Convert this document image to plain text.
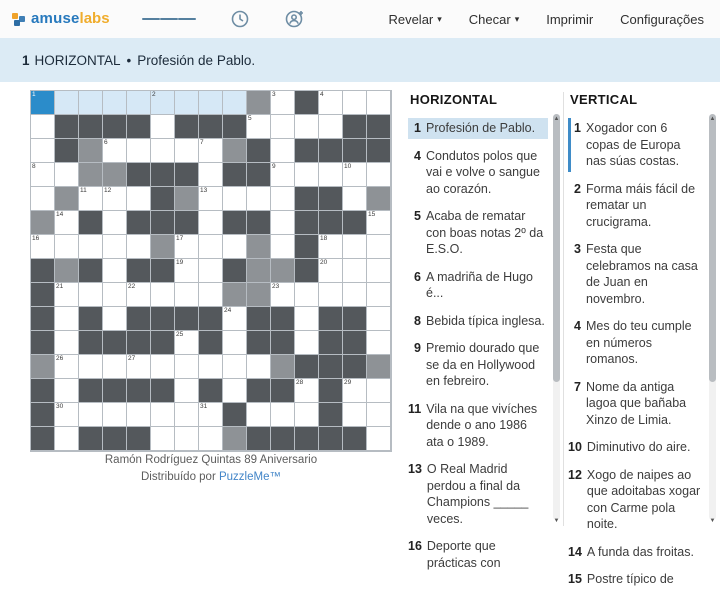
amuselabs	Revelar ▾ Checar ▾ Imprimir Configurações
1 HORIZONTAL • Profesión de Pablo.
1	2	3	4
5
6	7
8	9	10
11	12	13
14	15
16	17	18
19	20
21	22	23
24
25
26	27
28	29
30	31
Ramón Rodríguez Quintas 89 Aniversario
Distribuído por PuzzleMe™
HORIZONTAL
1 Profesión de Pablo.
4 Condutos polos que vai e volve o sangue ao corazón.
5 Acaba de rematar con boas notas 2º da E.S.O.
6 A madriña de Hugo é...
8 Bebida típica inglesa.
9 Premio dourado que se da en Hollywood en febreiro.
11 Vila na que vivíches dende o ano 1986 ata o 1989.
13 O Real Madrid perdou a final da Champions _____ veces.
16 Deporte que prácticas con
▲
▼
VERTICAL
1 Xogador con 6 copas de Europa nas súas costas.
2 Forma máis fácil de rematar un crucigrama.
3 Festa que celebramos na casa de Juan en novembro.
4 Mes do teu cumple en números romanos.
7 Nome da antiga lagoa que bañaba Xinzo de Limia.
10 Diminutivo do aire.
12 Xogo de naipes ao que adoitabas xogar con Carme pola noite.
14 A funda das froitas.
15 Postre típico de
▲
▼
